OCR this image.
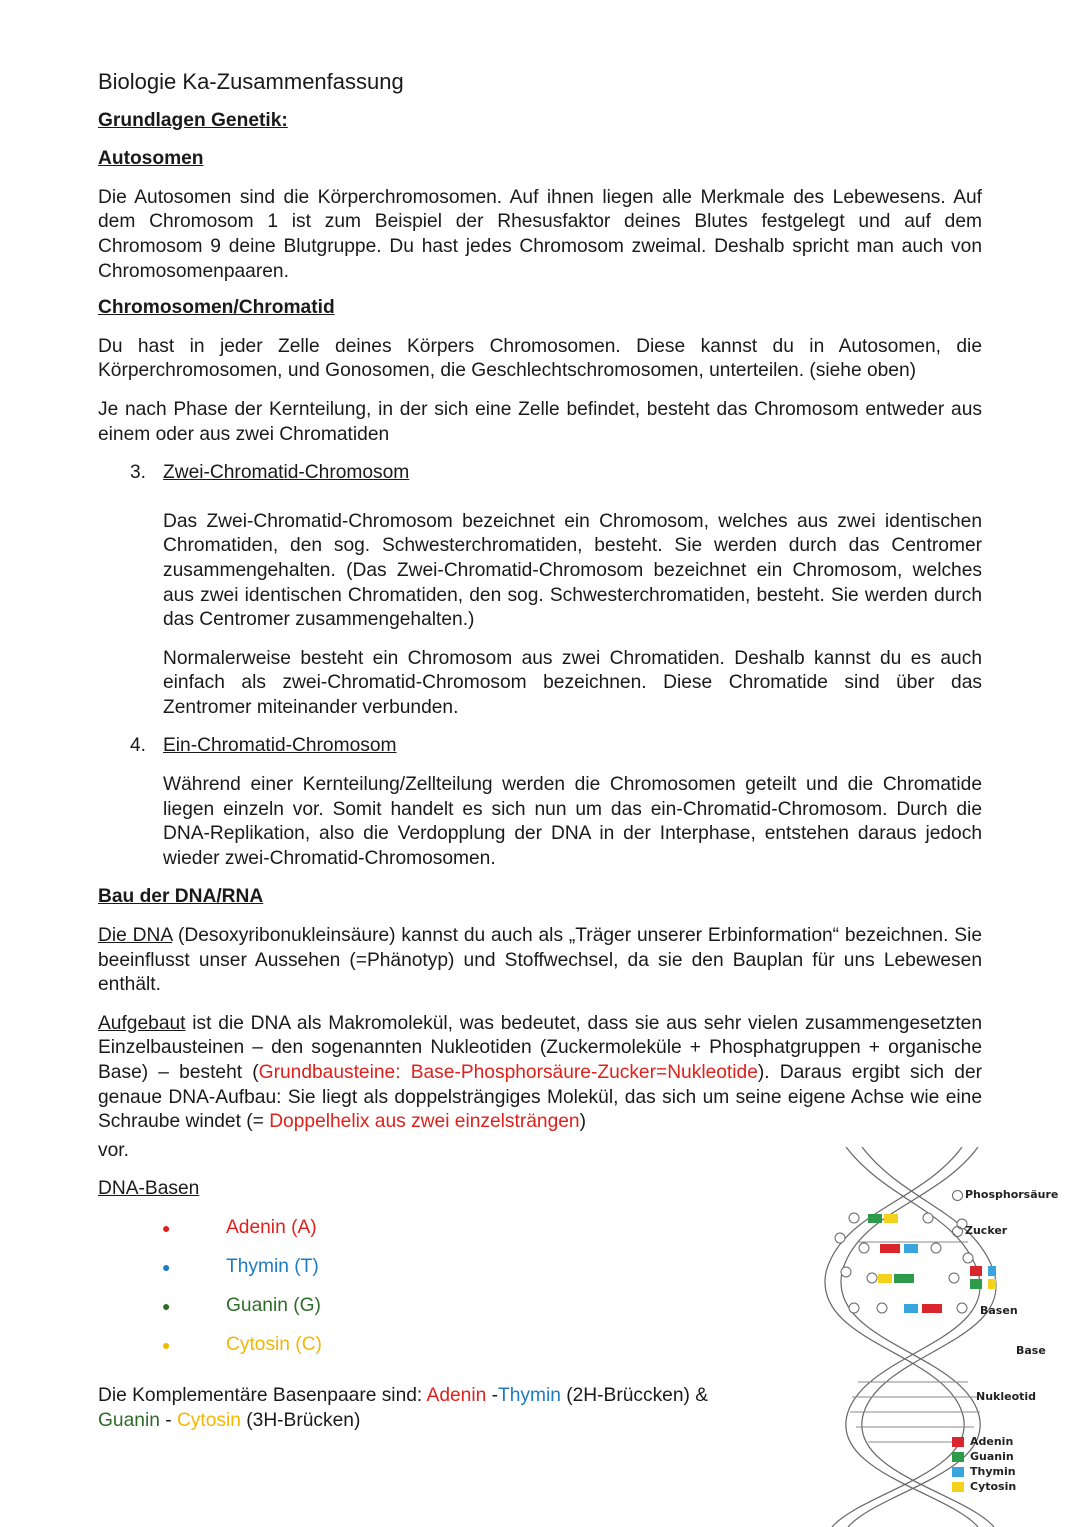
Biologie Ka-Zusammenfassung
Grundlagen Genetik:
Autosomen

Die Autosomen sind die Körperchromosomen. Auf ihnen liegen alle Merkmale des Lebewesens. Auf dem Chromosom 1 ist zum Beispiel der Rhesusfaktor deines Blutes festgelegt und auf dem Chromosom 9 deine Blutgruppe. Du hast jedes Chromosom zweimal. Deshalb spricht man auch von Chromosomenpaaren.

Chromosomen/Chromatid

Du hast in jeder Zelle deines Körpers Chromosomen. Diese kannst du in Autosomen, die Körperchromosomen, und Gonosomen, die Geschlechtschromosomen, unterteilen. (siehe oben)

Je nach Phase der Kernteilung, in der sich eine Zelle befindet, besteht das Chromosom entweder aus einem oder aus zwei Chromatiden

3. Zwei-Chromatid-Chromosom

Das Zwei-Chromatid-Chromosom bezeichnet ein Chromosom, welches aus zwei identischen Chromatiden, den sog. Schwesterchromatiden, besteht. Sie werden durch das Centromer zusammengehalten. (Das Zwei-Chromatid-Chromosom bezeichnet ein Chromosom, welches aus zwei identischen Chromatiden, den sog. Schwesterchromatiden, besteht. Sie werden durch das Centromer zusammengehalten.)

Normalerweise besteht ein Chromosom aus zwei Chromatiden. Deshalb kannst du es auch einfach als zwei-Chromatid-Chromosom bezeichnen. Diese Chromatide sind über das Zentromer miteinander verbunden.

4. Ein-Chromatid-Chromosom

Während einer Kernteilung/Zellteilung werden die Chromosomen geteilt und die Chromatide liegen einzeln vor. Somit handelt es sich nun um das ein-Chromatid-Chromosom. Durch die DNA-Replikation, also die Verdopplung der DNA in der Interphase, entstehen daraus jedoch wieder zwei-Chromatid-Chromosomen.

Bau der DNA/RNA

Die DNA (Desoxyribonukleinsäure) kannst du auch als „Träger unserer Erbinformation“ bezeichnen. Sie beeinflusst unser Aussehen (=Phänotyp) und Stoffwechsel, da sie den Bauplan für uns Lebewesen enthält.

Aufgebaut ist die DNA als Makromolekül, was bedeutet, dass sie aus sehr vielen zusammengesetzten Einzelbausteinen – den sogenannten Nukleotiden (Zuckermoleküle + Phosphatgruppen + organische Base) – besteht (Grundbausteine: Base-Phosphorsäure-Zucker=Nukleotide). Daraus ergibt sich der genaue DNA-Aufbau: Sie liegt als doppelsträngiges Molekül, das sich um seine eigene Achse wie eine Schraube windet (= Doppelhelix aus zwei einzelsträngen)

vor.

DNA-Basen
●	Adenin (A)
●	Thymin (T)
●	Guanin (G)
●	Cytosin (C)

Die Komplementäre Basenpaare sind: Adenin -Thymin (2H-Brüccken) &
Guanin - Cytosin (3H-Brücken)

Phosphorsäure
Zucker

Basen
Base
Nukleotid
Adenin
Guanin
Thymin
Cytosin
